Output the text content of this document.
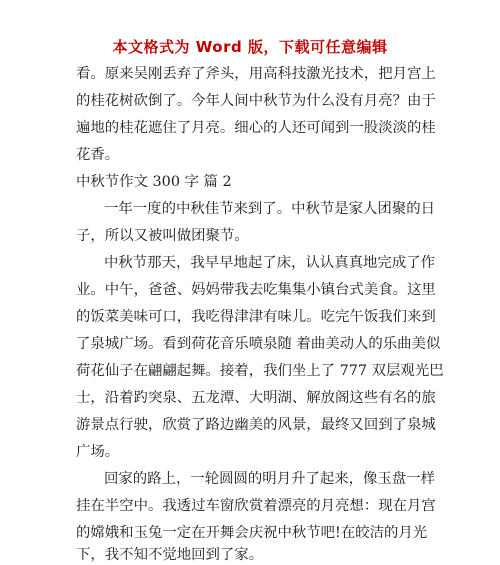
本文格式为 Word 版，下载可任意编辑
看。原来吴刚丢弃了斧头，用高科技激光技术，把月宫上
的桂花树砍倒了。今年人间中秋节为什么没有月亮？由于
遍地的桂花遮住了月亮。细心的人还可闻到一股淡淡的桂
花香。
中秋节作文 300 字 篇 2
一年一度的中秋佳节来到了。中秋节是家人团聚的日
子，所以又被叫做团聚节。
中秋节那天，我早早地起了床，认认真真地完成了作
业。中午，爸爸、妈妈带我去吃集集小镇台式美食。这里
的饭菜美味可口，我吃得津津有味儿。吃完午饭我们来到
了泉城广场。看到荷花音乐喷泉随 着曲美动人的乐曲美似
荷花仙子在翩翩起舞。接着，我们坐上了 777 双层观光巴
士，沿着趵突泉、五龙潭、大明湖、解放阁这些有名的旅
游景点行驶，欣赏了路边幽美的风景，最终又回到了泉城
广场。
回家的路上，一轮圆圆的明月升了起来，像玉盘一样
挂在半空中。我透过车窗欣赏着漂亮的月亮想：现在月宫
的嫦娥和玉兔一定在开舞会庆祝中秋节吧!在皎洁的月光
下，我不知不觉地回到了家。
